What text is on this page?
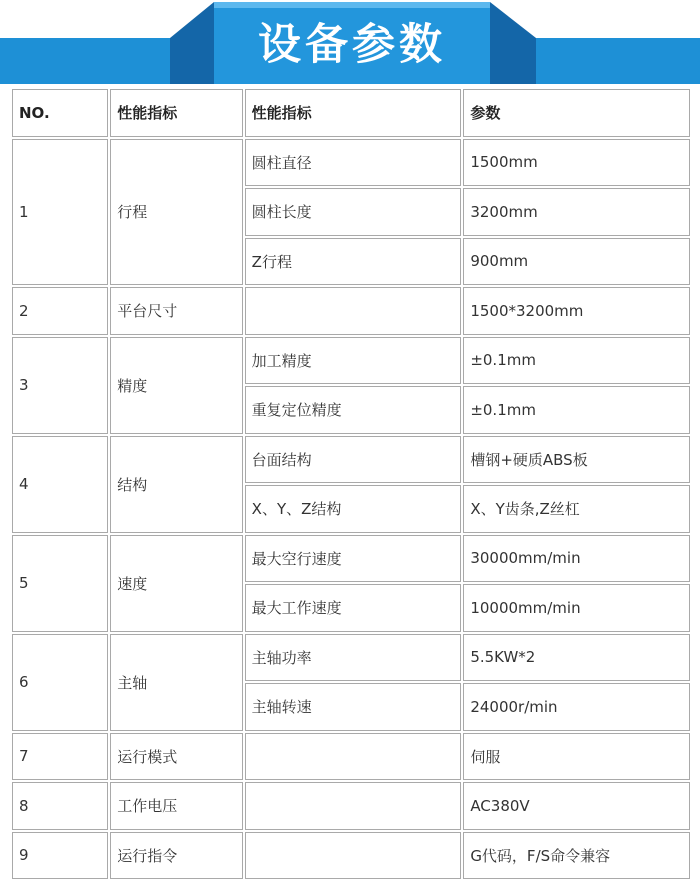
设备参数
NO.	性能指标	性能指标	参数
1	行程	圆柱直径	1500mm
		圆柱长度	3200mm
		Z行程	900mm
2	平台尺寸		1500*3200mm
3	精度	加工精度	±0.1mm
		重复定位精度	±0.1mm
4	结构	台面结构	槽钢+硬质ABS板
		X、Y、Z结构	X、Y齿条,Z丝杠
5	速度	最大空行速度	30000mm/min
		最大工作速度	10000mm/min
6	主轴	主轴功率	5.5KW*2
		主轴转速	24000r/min
7	运行模式		伺服
8	工作电压		AC380V
9	运行指令		G代码，F/S命令兼容
